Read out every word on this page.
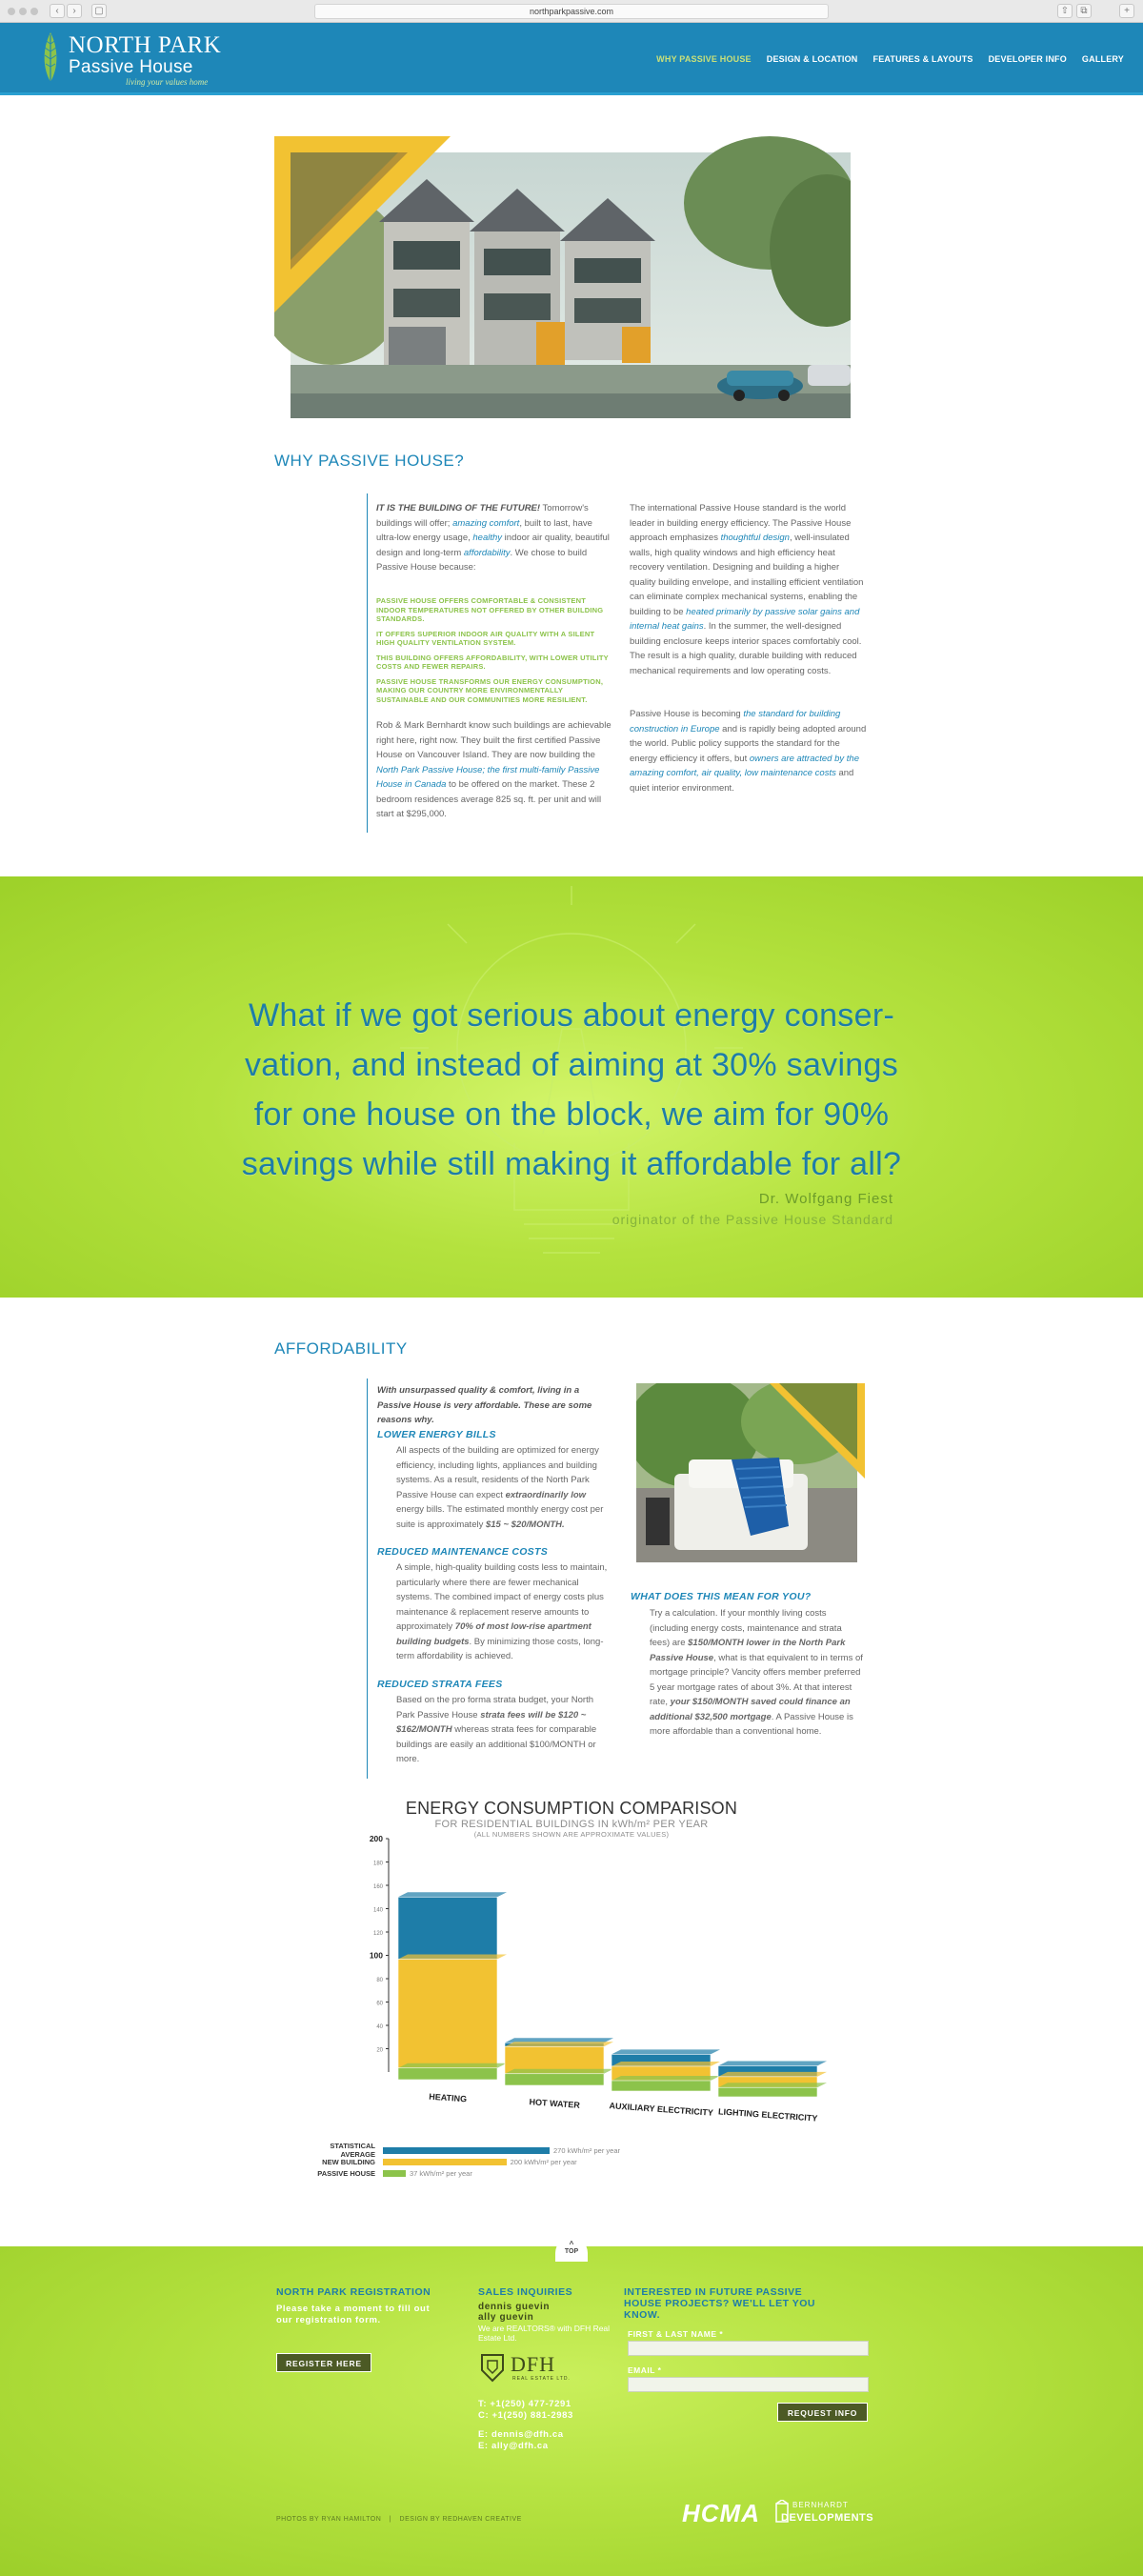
‹	›	▢	northparkpassive.com	⇧	⧉	+
NORTH PARK
Passive House
living your values home
WHY PASSIVE HOUSE DESIGN & LOCATION FEATURES & LAYOUTS DEVELOPER INFO GALLERY
WHY PASSIVE HOUSE?
IT IS THE BUILDING OF THE FUTURE! Tomorrow's buildings will offer; amazing comfort, built to last, have ultra-low energy usage, healthy indoor air quality, beautiful design and long-term affordability. We chose to build Passive House because:
PASSIVE HOUSE OFFERS COMFORTABLE & CONSISTENT INDOOR TEMPERATURES NOT OFFERED BY OTHER BUILDING STANDARDS.
IT OFFERS SUPERIOR INDOOR AIR QUALITY WITH A SILENT HIGH QUALITY VENTILATION SYSTEM.
THIS BUILDING OFFERS AFFORDABILITY, WITH LOWER UTILITY COSTS AND FEWER REPAIRS.
PASSIVE HOUSE TRANSFORMS OUR ENERGY CONSUMPTION, MAKING OUR COUNTRY MORE ENVIRONMENTALLY SUSTAINABLE AND OUR COMMUNITIES MORE RESILIENT.
Rob & Mark Bernhardt know such buildings are achievable right here, right now. They built the first certified Passive House on Vancouver Island. They are now building the North Park Passive House; the first multi-family Passive House in Canada to be offered on the market. These 2 bedroom residences average 825 sq. ft. per unit and will start at $295,000.
The international Passive House standard is the world leader in building energy efficiency. The Passive House approach emphasizes thoughtful design, well-insulated walls, high quality windows and high efficiency heat recovery ventilation. Designing and building a higher quality building envelope, and installing efficient ventilation can eliminate complex mechanical systems, enabling the building to be heated primarily by passive solar gains and internal heat gains. In the summer, the well-designed building enclosure keeps interior spaces comfortably cool. The result is a high quality, durable building with reduced mechanical requirements and low operating costs.
Passive House is becoming the standard for building construction in Europe and is rapidly being adopted around the world. Public policy supports the standard for the energy efficiency it offers, but owners are attracted by the amazing comfort, air quality, low maintenance costs and quiet interior environment.
What if we got serious about energy conser-
vation, and instead of aiming at 30% savings
for one house on the block, we aim for 90%
savings while still making it affordable for all?
Dr. Wolfgang Fiest
originator of the Passive House Standard
AFFORDABILITY
With unsurpassed quality & comfort, living in a Passive House is very affordable. These are some reasons why.
LOWER ENERGY BILLS
All aspects of the building are optimized for energy efficiency, including lights, appliances and building systems. As a result, residents of the North Park Passive House can expect extraordinarily low energy bills. The estimated monthly energy cost per suite is approximately $15 ~ $20/MONTH.
REDUCED MAINTENANCE COSTS
A simple, high-quality building costs less to maintain, particularly where there are fewer mechanical systems. The combined impact of energy costs plus maintenance & replacement reserve amounts to approximately 70% of most low-rise apartment building budgets. By minimizing those costs, long-term affordability is achieved.
REDUCED STRATA FEES
Based on the pro forma strata budget, your North Park Passive House strata fees will be $120 ~ $162/MONTH whereas strata fees for comparable buildings are easily an additional $100/MONTH or more.
WHAT DOES THIS MEAN FOR YOU?
Try a calculation. If your monthly living costs (including energy costs, maintenance and strata fees) are $150/MONTH lower in the North Park Passive House, what is that equivalent to in terms of mortgage principle? Vancity offers member preferred 5 year mortgage rates of about 3%. At that interest rate, your $150/MONTH saved could finance an additional $32,500 mortgage. A Passive House is more affordable than a conventional home.
ENERGY CONSUMPTION COMPARISON
FOR RESIDENTIAL BUILDINGS IN kWh/m² PER YEAR
(ALL NUMBERS SHOWN ARE APPROXIMATE VALUES)
200
180
160
140
120
100
80
60
40
20
HEATING	HOT WATER	AUXILIARY ELECTRICITY LIGHTING ELECTRICITY
STATISTICAL AVERAGE	270 kWh/m² per year
NEW BUILDING	200 kWh/m² per year
PASSIVE HOUSE	37 kWh/m² per year
^
TOP
NORTH PARK REGISTRATION
Please take a moment to fill out our registration form.
REGISTER HERE
SALES INQUIRIES
dennis guevin
ally guevin
We are REALTORS® with DFH Real Estate Ltd.
DFH
REAL ESTATE LTD.
T: +1(250) 477-7291
C: +1(250) 881-2983
E: dennis@dfh.ca
E: ally@dfh.ca
INTERESTED IN FUTURE PASSIVE HOUSE PROJECTS? WE'LL LET YOU KNOW.
FIRST & LAST NAME *
EMAIL *
REQUEST INFO
HCMA	BERNHARDT
DEVELOPMENTS
PHOTOS BY RYAN HAMILTON | DESIGN BY REDHAVEN CREATIVE
